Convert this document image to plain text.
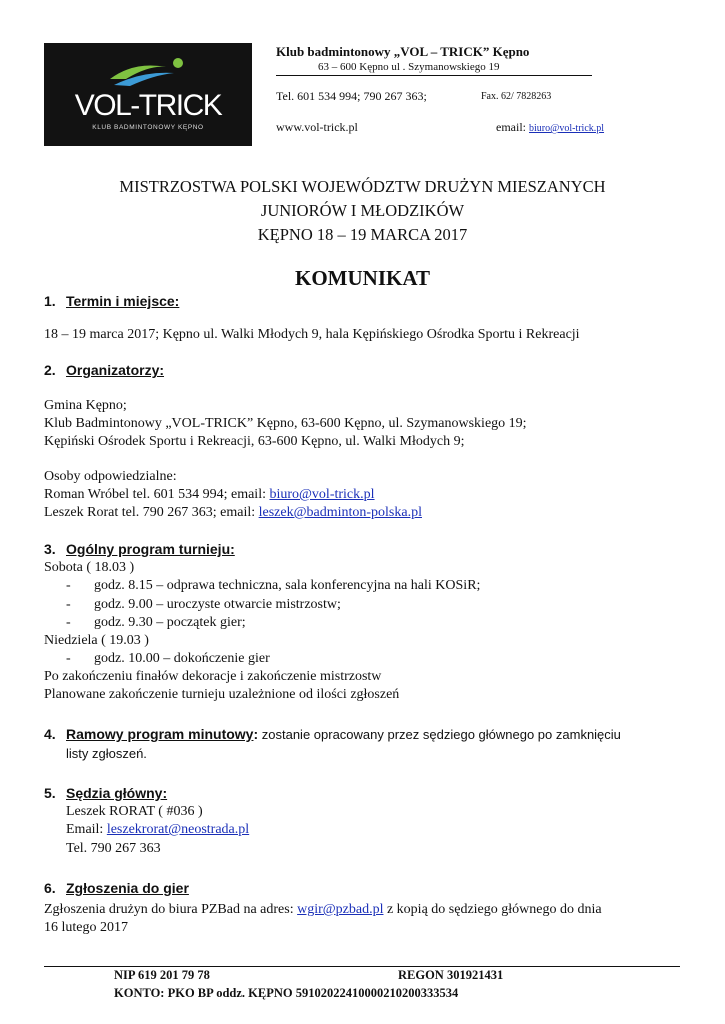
VOL-TRICK
KLUB BADMINTONOWY KĘPNO
Klub badmintonowy „VOL – TRICK” Kępno
63 – 600 Kępno ul . Szymanowskiego 19
Tel. 601 534 994; 790 267 363;	Fax. 62/ 7828263
www.vol-trick.pl	email: biuro@vol-trick.pl
MISTRZOSTWA POLSKI WOJEWÓDZTW DRUŻYN MIESZANYCH
JUNIORÓW I MŁODZIKÓW
KĘPNO 18 – 19 MARCA 2017
KOMUNIKAT
1. Termin i miejsce:
18 – 19 marca 2017; Kępno ul. Walki Młodych 9, hala Kępińskiego Ośrodka Sportu i Rekreacji
2. Organizatorzy:
Gmina Kępno;
Klub Badmintonowy „VOL-TRICK” Kępno, 63-600 Kępno, ul. Szymanowskiego 19;
Kępiński Ośrodek Sportu i Rekreacji, 63-600 Kępno, ul. Walki Młodych 9;
Osoby odpowiedzialne:
Roman Wróbel tel. 601 534 994; email: biuro@vol-trick.pl
Leszek Rorat tel. 790 267 363; email: leszek@badminton-polska.pl
3. Ogólny program turnieju:
Sobota ( 18.03 )
- godz. 8.15 – odprawa techniczna, sala konferencyjna na hali KOSiR;
- godz. 9.00 – uroczyste otwarcie mistrzostw;
- godz. 9.30 – początek gier;
Niedziela ( 19.03 )
- godz. 10.00 – dokończenie gier
Po zakończeniu finałów dekoracje i zakończenie mistrzostw
Planowane zakończenie turnieju uzależnione od ilości zgłoszeń
4. Ramowy program minutowy: zostanie opracowany przez sędziego głównego po zamknięciu
listy zgłoszeń.
5. Sędzia główny:
Leszek RORAT ( #036 )
Email: leszekrorat@neostrada.pl
Tel. 790 267 363
6. Zgłoszenia do gier
Zgłoszenia drużyn do biura PZBad na adres: wgir@pzbad.pl z kopią do sędziego głównego do dnia
16 lutego 2017
NIP 619 201 79 78	REGON 301921431
KONTO: PKO BP oddz. KĘPNO 59102022410000210200333534
